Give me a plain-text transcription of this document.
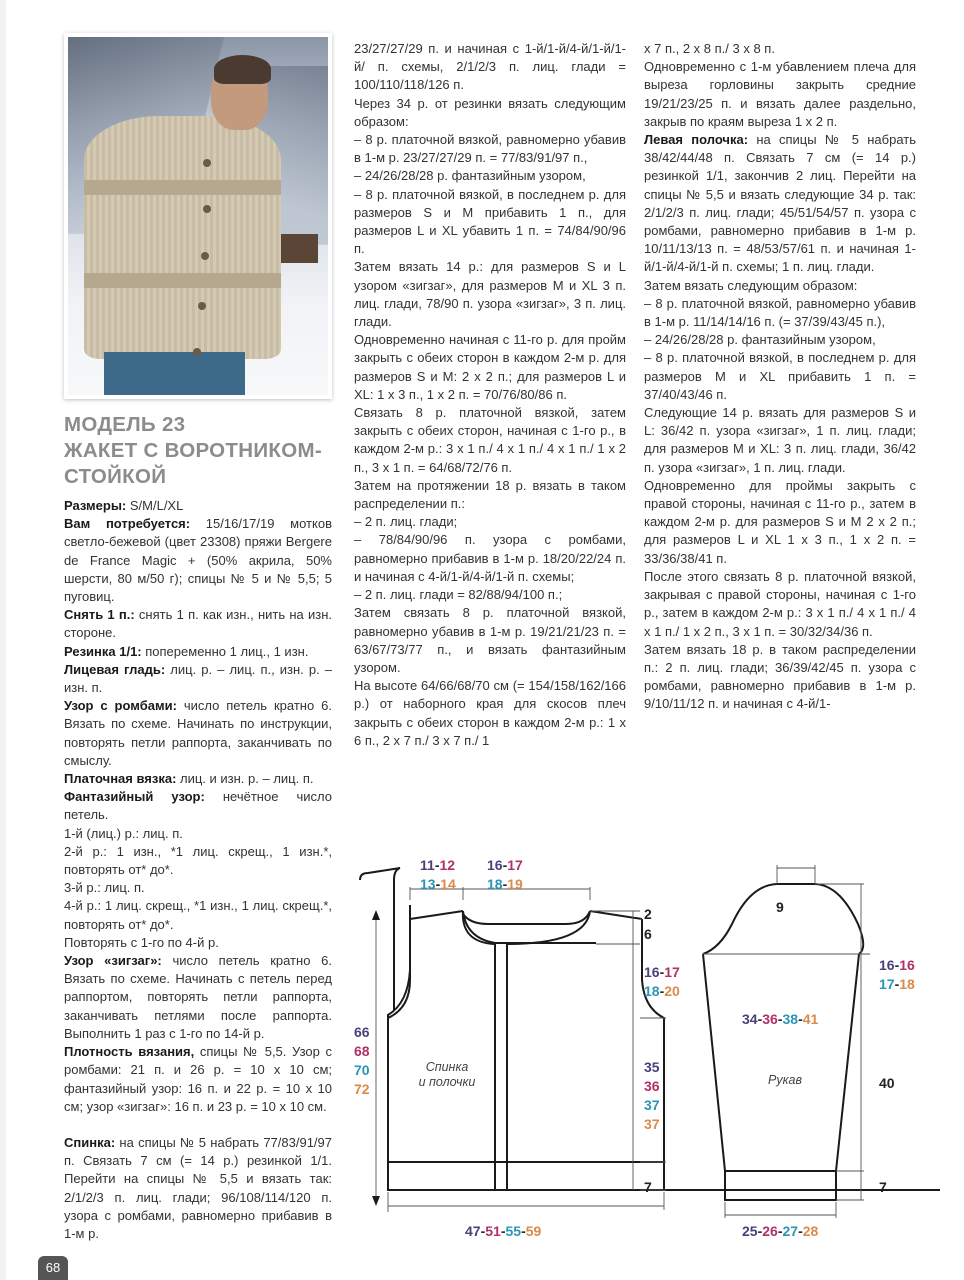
МОДЕЛЬ 23
ЖАКЕТ С ВОРОТНИКОМ-
СТОЙКОЙ

Размеры: S/M/L/XL

Вам потребуется: 15/16/17/19 мотков светло-бежевой (цвет 23308) пряжи Bergere de France Magic + (50% акрила, 50% шерсти, 80 м/50 г); спицы № 5 и № 5,5; 5 пуговиц.

Снять 1 п.: снять 1 п. как изн., нить на изн. стороне.

Резинка 1/1: попеременно 1 лиц., 1 изн.

Лицевая гладь: лиц. р. – лиц. п., изн. р. – изн. п.

Узор с ромбами: число петель кратно 6. Вязать по схеме. Начинать по инструкции, повторять петли раппорта, заканчивать по смыслу.

Платочная вязка: лиц. и изн. р. – лиц. п.

Фантазийный узор: нечётное число петель.

1-й (лиц.) р.: лиц. п.

2-й р.: 1 изн., *1 лиц. скрещ., 1 изн.*, повторять от* до*.

3-й р.: лиц. п.

4-й р.: 1 лиц. скрещ., *1 изн., 1 лиц. скрещ.*, повторять от* до*.

Повторять с 1-го по 4-й р.

Узор «зигзаг»: число петель кратно 6. Вязать по схеме. Начинать с петель перед раппортом, повторять петли раппорта, заканчивать петлями после раппорта. Выполнить 1 раз с 1-го по 14-й р.

Плотность вязания, спицы № 5,5. Узор с ромбами: 21 п. и 26 р. = 10 x 10 см; фантазийный узор: 16 п. и 22 р. = 10 x 10 см; узор «зигзаг»: 16 п. и 23 р. = 10 x 10 см.

Спинка: на спицы № 5 набрать 77/83/91/97 п. Связать 7 см (= 14 р.) резинкой 1/1. Перейти на спицы № 5,5 и вязать так: 2/1/2/3 п. лиц. глади; 96/108/114/120 п. узора с ромбами, равномерно прибавив в 1-м р.

23/27/27/29 п. и начиная с 1-й/1-й/4-й/1-й/1-й/ п. схемы, 2/1/2/3 п. лиц. глади = 100/110/118/126 п.

Через 34 р. от резинки вязать следующим образом:

– 8 р. платочной вязкой, равномерно убавив в 1-м р. 23/27/27/29 п. = 77/83/91/97 п.,

– 24/26/28/28 р. фантазийным узором,

– 8 р. платочной вязкой, в последнем р. для размеров S и M прибавить 1 п., для размеров L и XL убавить 1 п. = 74/84/90/96 п.

Затем вязать 14 р.: для размеров S и L узором «зигзаг», для размеров M и XL 3 п. лиц. глади, 78/90 п. узора «зигзаг», 3 п. лиц. глади.

Одновременно начиная с 11-го р. для пройм закрыть с обеих сторон в каждом 2-м р. для размеров S и M: 2 x 2 п.; для размеров L и XL: 1 x 3 п., 1 x 2 п. = 70/76/80/86 п.

Связать 8 р. платочной вязкой, затем закрыть с обеих сторон, начиная с 1-го р., в каждом 2-м р.: 3 x 1 п./ 4 x 1 п./ 4 x 1 п./ 1 x 2 п., 3 x 1 п. = 64/68/72/76 п.

Затем на протяжении 18 р. вязать в таком распределении п.:

– 2 п. лиц. глади;

– 78/84/90/96 п. узора с ромбами, равномерно прибавив в 1-м р. 18/20/22/24 п. и начиная с 4-й/1-й/4-й/1-й п. схемы;

– 2 п. лиц. глади = 82/88/94/100 п.;

Затем связать 8 р. платочной вязкой, равномерно убавив в 1-м р. 19/21/21/23 п. = 63/67/73/77 п., и вязать фантазийным узором.

На высоте 64/66/68/70 см (= 154/158/162/166 р.) от наборного края для скосов плеч закрыть с обеих сторон в каждом 2-м р.: 1 x 6 п., 2 x 7 п./ 3 x 7 п./ 1

x 7 п., 2 x 8 п./ 3 x 8 п.

Одновременно с 1-м убавлением плеча для выреза горловины закрыть средние 19/21/23/25 п. и вязать далее раздельно, закрыв по краям выреза 1 x 2 п.

Левая полочка: на спицы № 5 набрать 38/42/44/48 п. Связать 7 см (= 14 р.) резинкой 1/1, закончив 2 лиц. Перейти на спицы № 5,5 и вязать следующие 34 р. так: 2/1/2/3 п. лиц. глади; 45/51/54/57 п. узора с ромбами, равномерно прибавив в 1-м р. 10/11/13/13 п. = 48/53/57/61 п. и начиная 1-й/1-й/4-й/1-й п. схемы; 1 п. лиц. глади.

Затем вязать следующим образом:

– 8 р. платочной вязкой, равномерно убавив в 1-м р. 11/14/14/16 п. (= 37/39/43/45 п.),

– 24/26/28/28 р. фантазийным узором,

– 8 р. платочной вязкой, в последнем р. для размеров M и XL прибавить 1 п. = 37/40/43/46 п.

Следующие 14 р. вязать для размеров S и L: 36/42 п. узора «зигзаг», 1 п. лиц. глади; для размеров M и XL: 3 п. лиц. глади, 36/42 п. узора «зигзаг», 1 п. лиц. глади.

Одновременно для проймы закрыть с правой стороны, начиная с 11-го р., затем в каждом 2-м р. для размеров S и M 2 x 2 п.; для размеров L и XL 1 x 3 п., 1 x 2 п. = 33/36/38/41 п.

После этого связать 8 р. платочной вязкой, закрывая с правой стороны, начиная с 1-го р., затем в каждом 2-м р.: 3 x 1 п./ 4 x 1 п./ 4 x 1 п./ 1 x 2 п., 3 x 1 п. = 30/32/34/36 п.

Затем вязать 18 р. в таком распределении п.: 2 п. лиц. глади; 36/39/42/45 п. узора с ромбами, равномерно прибавив в 1-м р. 9/10/11/12 п. и начиная с 4-й/1-

11-12
13-14
16-17
18-19
2
6
16-17
18-20
35
36
37
37
7
66
68
70
72
Спинка
и полочки
47-51-55-59
9
16-16
17-18
34-36-38-41
Рукав	40
7
25-26-27-28
68
